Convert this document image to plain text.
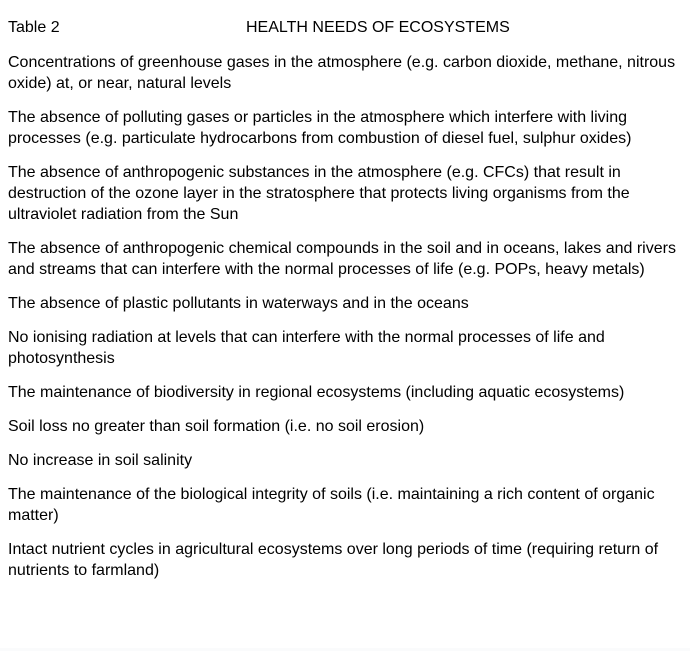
Table 2	HEALTH NEEDS OF ECOSYSTEMS

Concentrations of greenhouse gases in the atmosphere (e.g. carbon dioxide, methane, nitrous oxide) at, or near, natural levels

The absence of polluting gases or particles in the atmosphere which interfere with living processes (e.g. particulate hydrocarbons from combustion of diesel fuel, sulphur oxides)

The absence of anthropogenic substances in the atmosphere (e.g. CFCs) that result in destruction of the ozone layer in the stratosphere that protects living organisms from the ultraviolet radiation from the Sun

The absence of anthropogenic chemical compounds in the soil and in oceans, lakes and rivers and streams that can interfere with the normal processes of life (e.g. POPs, heavy metals)

The absence of plastic pollutants in waterways and in the oceans

No ionising radiation at levels that can interfere with the normal processes of life and photosynthesis

The maintenance of biodiversity in regional ecosystems (including aquatic ecosystems)

Soil loss no greater than soil formation (i.e. no soil erosion)

No increase in soil salinity

The maintenance of the biological integrity of soils (i.e. maintaining a rich content of organic matter)

Intact nutrient cycles in agricultural ecosystems over long periods of time (requiring return of nutrients to farmland)
